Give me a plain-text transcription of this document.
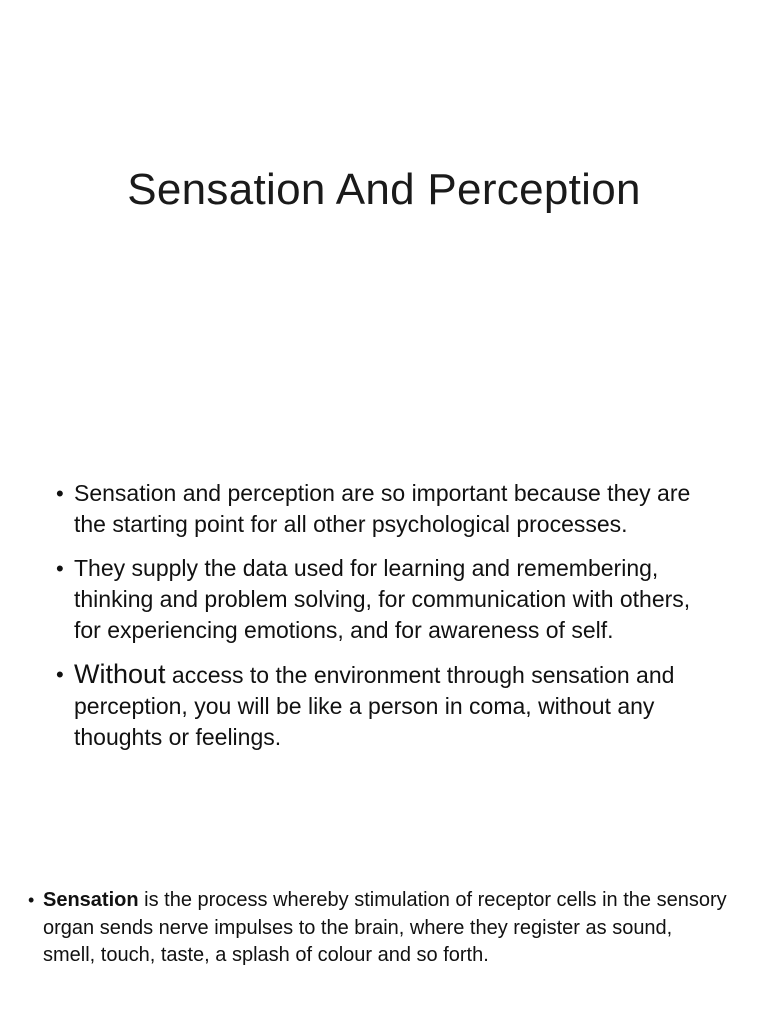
Sensation And Perception
• Sensation and perception are so important because they are the starting point for all other psychological processes.
• They supply the data used for learning and remembering, thinking and problem solving, for communication with others, for experiencing emotions, and for awareness of self.
• Without access to the environment through sensation and perception, you will be like a person in coma, without any thoughts or feelings.
• Sensation is the process whereby stimulation of receptor cells in the sensory organ sends nerve impulses to the brain, where they register as sound, smell, touch, taste, a splash of colour and so forth.
